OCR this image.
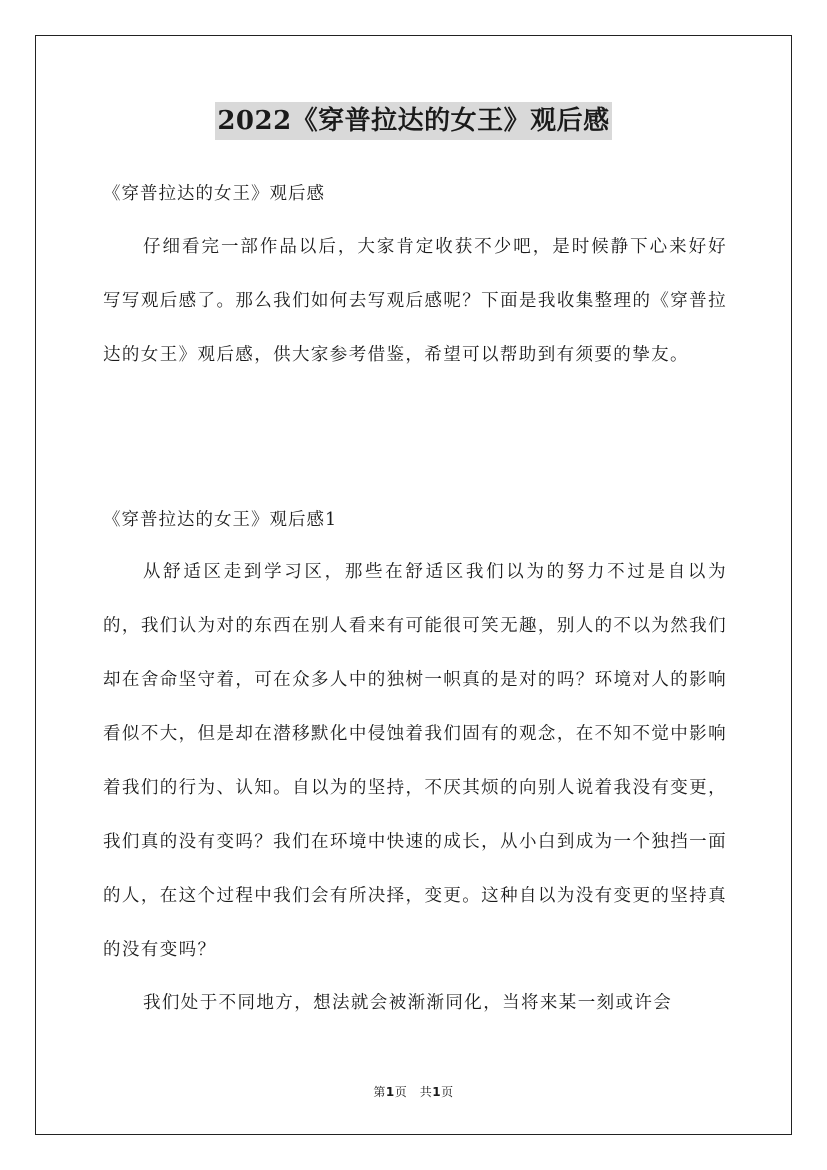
2022《穿普拉达的女王》观后感
《穿普拉达的女王》观后感
仔细看完一部作品以后，大家肯定收获不少吧，是时候静下心来好好写写观后感了。那么我们如何去写观后感呢？下面是我收集整理的《穿普拉达的女王》观后感，供大家参考借鉴，希望可以帮助到有须要的挚友。
《穿普拉达的女王》观后感1
从舒适区走到学习区，那些在舒适区我们以为的努力不过是自以为的，我们认为对的东西在别人看来有可能很可笑无趣，别人的不以为然我们却在舍命坚守着，可在众多人中的独树一帜真的是对的吗？环境对人的影响看似不大，但是却在潜移默化中侵蚀着我们固有的观念，在不知不觉中影响着我们的行为、认知。自以为的坚持，不厌其烦的向别人说着我没有变更，我们真的没有变吗？我们在环境中快速的成长，从小白到成为一个独挡一面的人，在这个过程中我们会有所决择，变更。这种自以为没有变更的坚持真的没有变吗？
我们处于不同地方，想法就会被渐渐同化，当将来某一刻或许会
第1页　共1页
